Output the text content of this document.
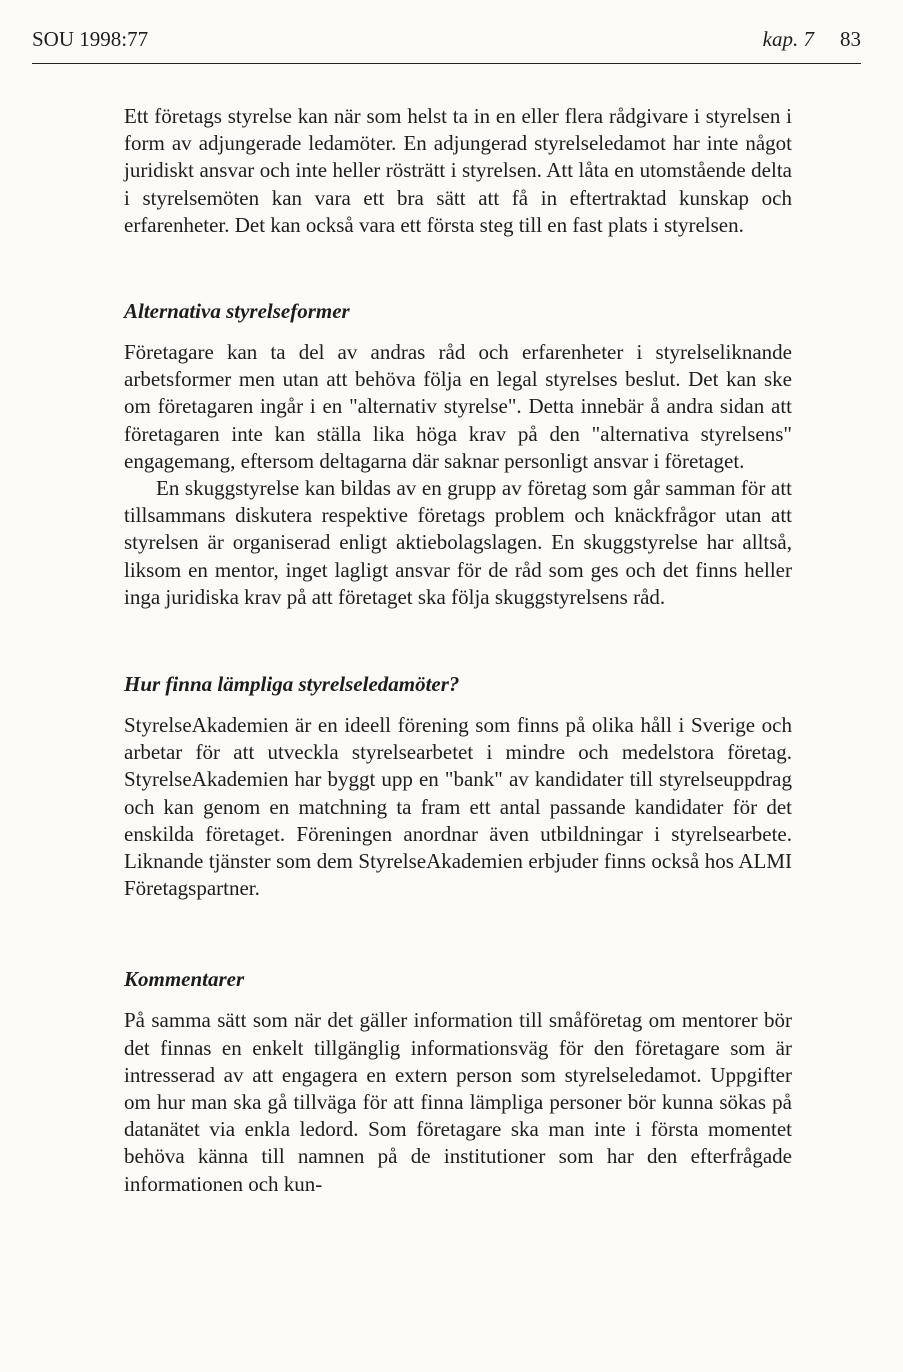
SOU 1998:77	kap. 7 83

Ett företags styrelse kan när som helst ta in en eller flera rådgivare i styrelsen i form av adjungerade ledamöter. En adjungerad styrelseledamot har inte något juridiskt ansvar och inte heller rösträtt i styrelsen. Att låta en utomstående delta i styrelsemöten kan vara ett bra sätt att få in eftertraktad kunskap och erfarenheter. Det kan också vara ett första steg till en fast plats i styrelsen.

Alternativa styrelseformer

Företagare kan ta del av andras råd och erfarenheter i styrelseliknande arbetsformer men utan att behöva följa en legal styrelses beslut. Det kan ske om företagaren ingår i en "alternativ styrelse". Detta innebär å andra sidan att företagaren inte kan ställa lika höga krav på den "alternativa styrelsens" engagemang, eftersom deltagarna där saknar personligt ansvar i företaget.

En skuggstyrelse kan bildas av en grupp av företag som går samman för att tillsammans diskutera respektive företags problem och knäckfrågor utan att styrelsen är organiserad enligt aktiebolagslagen. En skuggstyrelse har alltså, liksom en mentor, inget lagligt ansvar för de råd som ges och det finns heller inga juridiska krav på att företaget ska följa skuggstyrelsens råd.

Hur finna lämpliga styrelseledamöter?

StyrelseAkademien är en ideell förening som finns på olika håll i Sverige och arbetar för att utveckla styrelsearbetet i mindre och medelstora företag. StyrelseAkademien har byggt upp en "bank" av kandidater till styrelseuppdrag och kan genom en matchning ta fram ett antal passande kandidater för det enskilda företaget. Föreningen anordnar även utbildningar i styrelsearbete. Liknande tjänster som dem StyrelseAkademien erbjuder finns också hos ALMI Företagspartner.

Kommentarer

På samma sätt som när det gäller information till småföretag om mentorer bör det finnas en enkelt tillgänglig informationsväg för den företagare som är intresserad av att engagera en extern person som styrelseledamot. Uppgifter om hur man ska gå tillväga för att finna lämpliga personer bör kunna sökas på datanätet via enkla ledord. Som företagare ska man inte i första momentet behöva känna till namnen på de institutioner som har den efterfrågade informationen och kun-
